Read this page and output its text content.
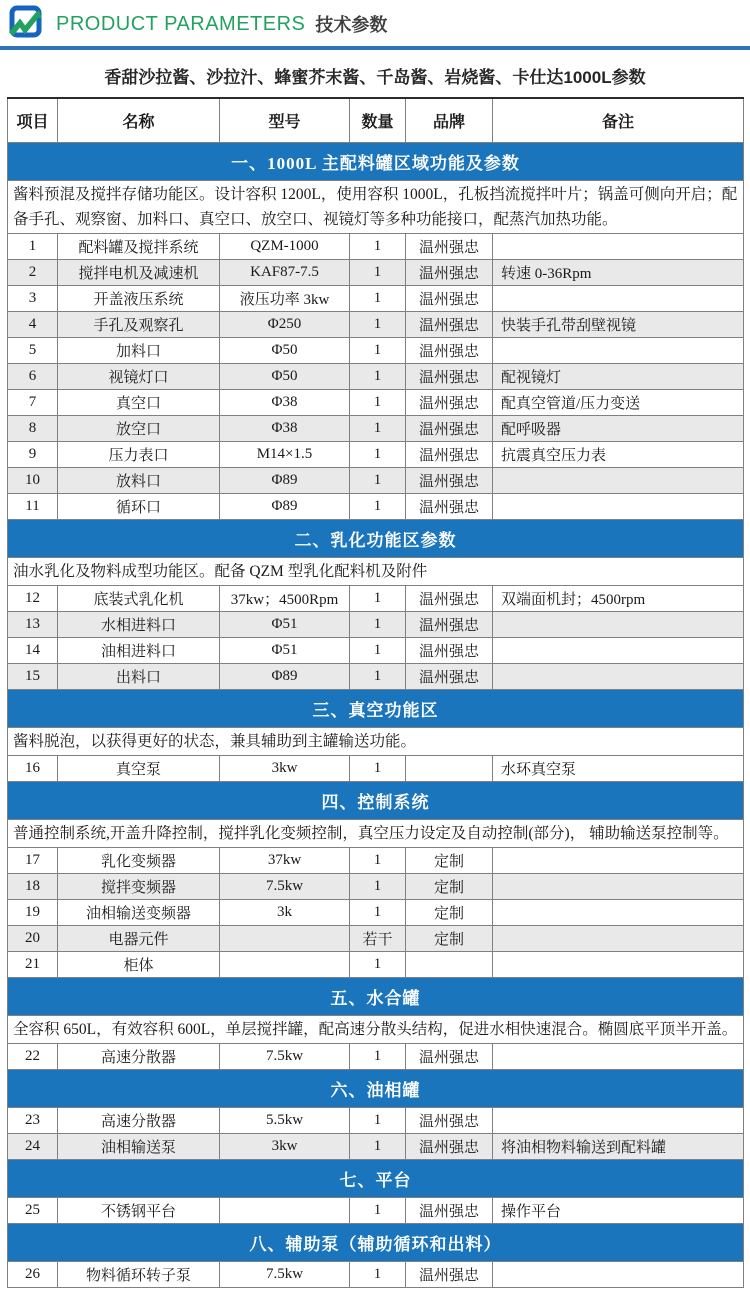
PRODUCT PARAMETERS 技术参数
香甜沙拉酱、沙拉汁、蜂蜜芥末酱、千岛酱、岩烧酱、卡仕达1000L参数
项目	名称	型号	数量	品牌	备注
一、1000L 主配料罐区域功能及参数					
酱料预混及搅拌存储功能区。设计容积 1200L，使用容积 1000L，孔板挡流搅拌叶片；锅盖可侧向开启；配备手孔、观察窗、加料口、真空口、放空口、视镜灯等多种功能接口，配蒸汽加热功能。					
1	配料罐及搅拌系统	QZM-1000	1	温州强忠	
2	搅拌电机及减速机	KAF87-7.5	1	温州强忠	转速 0-36Rpm
3	开盖液压系统	液压功率 3kw	1	温州强忠	
4	手孔及观察孔	Φ250	1	温州强忠	快装手孔带刮壁视镜
5	加料口	Φ50	1	温州强忠	
6	视镜灯口	Φ50	1	温州强忠	配视镜灯
7	真空口	Φ38	1	温州强忠	配真空管道/压力变送
8	放空口	Φ38	1	温州强忠	配呼吸器
9	压力表口	M14×1.5	1	温州强忠	抗震真空压力表
10	放料口	Φ89	1	温州强忠	
11	循环口	Φ89	1	温州强忠	
二、乳化功能区参数					
油水乳化及物料成型功能区。配备 QZM 型乳化配料机及附件					
12	底装式乳化机	37kw；4500Rpm	1	温州强忠	双端面机封；4500rpm
13	水相进料口	Φ51	1	温州强忠	
14	油相进料口	Φ51	1	温州强忠	
15	出料口	Φ89	1	温州强忠	
三、真空功能区					
酱料脱泡，以获得更好的状态，兼具辅助到主罐输送功能。					
16	真空泵	3kw	1		水环真空泵
四、控制系统					
普通控制系统,开盖升降控制，搅拌乳化变频控制，真空压力设定及自动控制(部分)， 辅助输送泵控制等。					
17	乳化变频器	37kw	1	定制	
18	搅拌变频器	7.5kw	1	定制	
19	油相输送变频器	3k	1	定制	
20	电器元件		若干	定制	
21	柜体		1		
五、水合罐					
全容积 650L，有效容积 600L，单层搅拌罐，配高速分散头结构，促进水相快速混合。椭圆底平顶半开盖。					
22	高速分散器	7.5kw	1	温州强忠	
六、油相罐					
23	高速分散器	5.5kw	1	温州强忠	
24	油相输送泵	3kw	1	温州强忠	将油相物料输送到配料罐
七、平台					
25	不锈钢平台		1	温州强忠	操作平台
八、辅助泵（辅助循环和出料）					
26	物料循环转子泵	7.5kw	1	温州强忠	
